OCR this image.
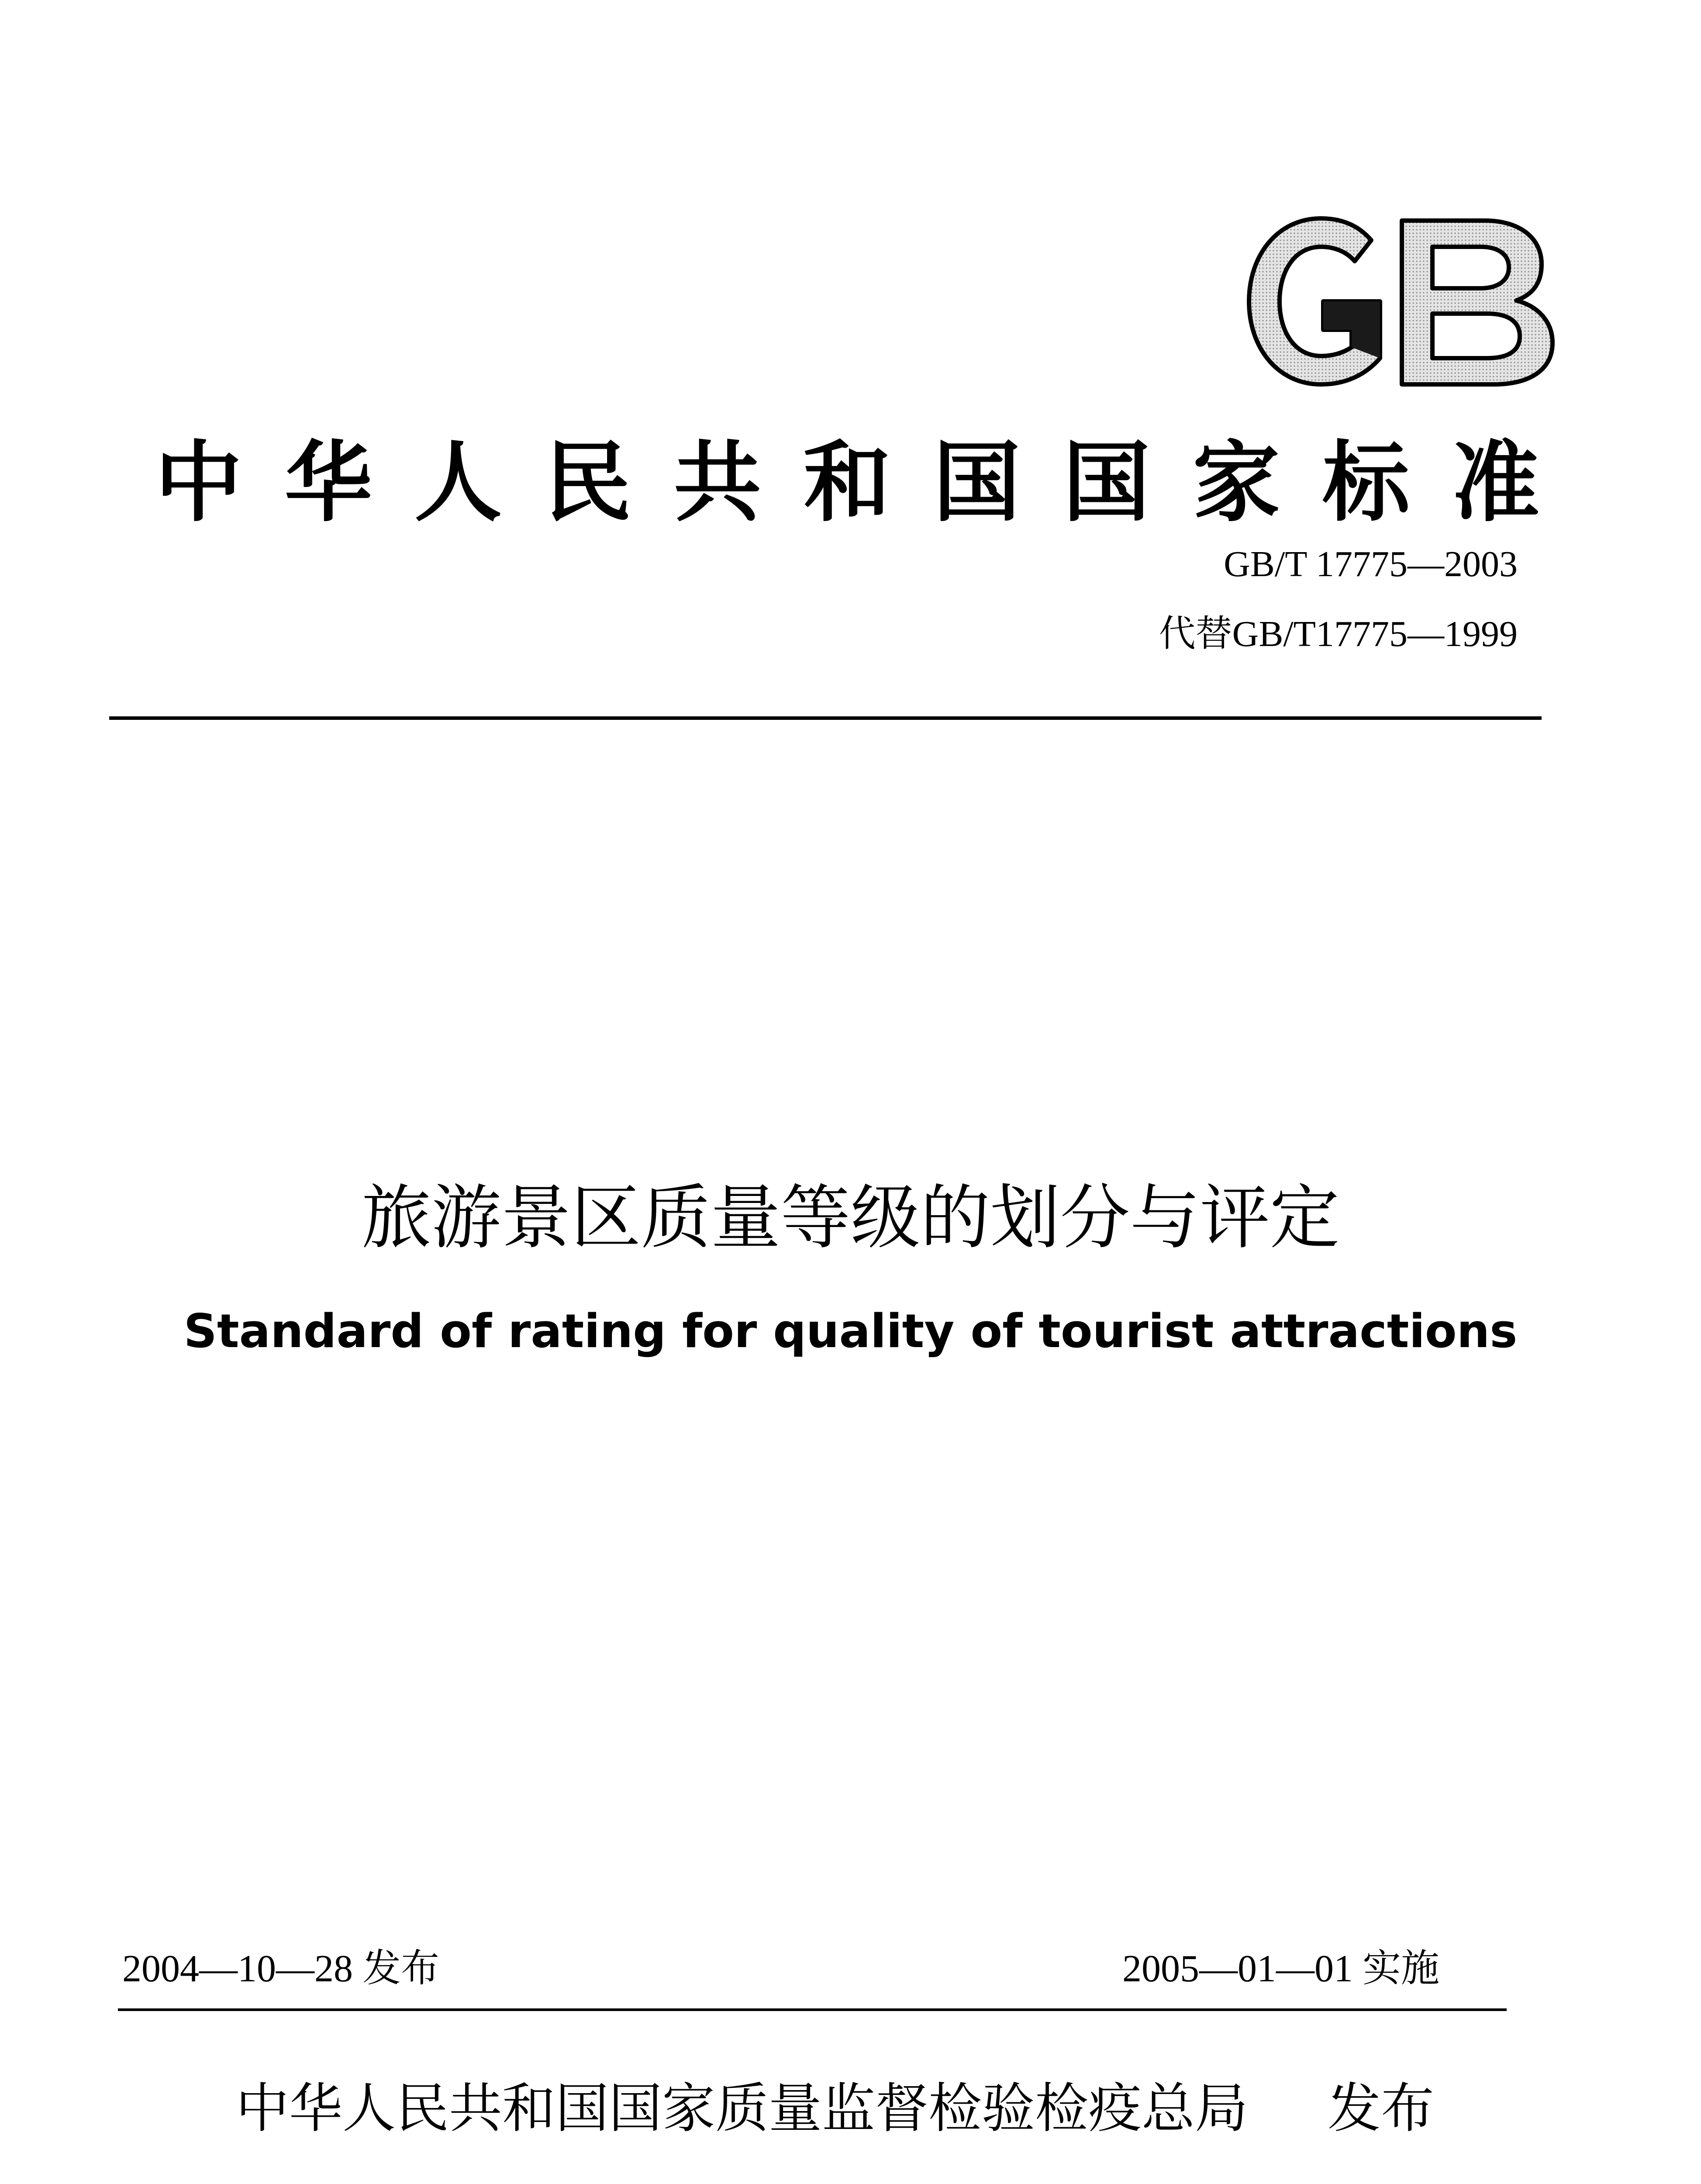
中 华 人 民 共 和 国 国 家 标 准
GB/T 17775—2003
代替GB/T17775—1999
旅游景区质量等级的划分与评定
Standard of rating for quality of tourist attractions
2004—10—28 发布	2005—01—01 实施
中华人民共和国国家质量监督检验检疫总局 发布
